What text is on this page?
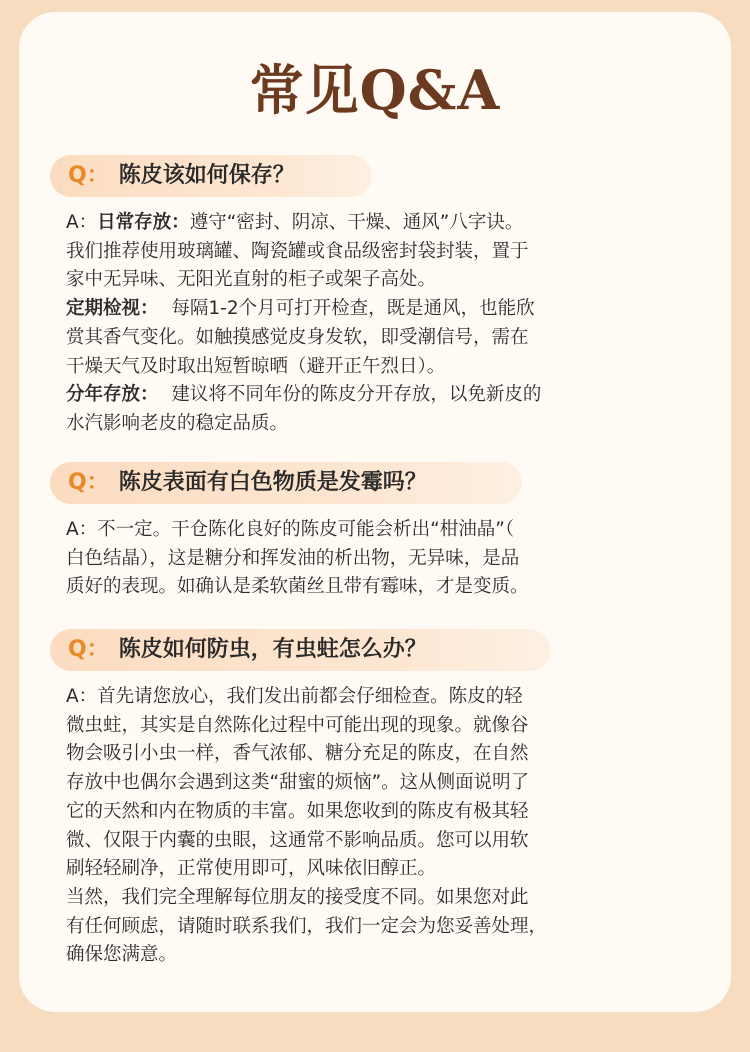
常见Q&A
Q： 陈皮该如何保存？
A：日常存放：遵守“密封、阴凉、干燥、通风”八字诀。
我们推荐使用玻璃罐、陶瓷罐或食品级密封袋封装，置于
家中无异味、无阳光直射的柜子或架子高处。
定期检视：  每隔1-2个月可打开检查，既是通风，也能欣
赏其香气变化。如触摸感觉皮身发软，即受潮信号，需在
干燥天气及时取出短暂晾晒（避开正午烈日）。
分年存放：  建议将不同年份的陈皮分开存放，以免新皮的
水汽影响老皮的稳定品质。
Q： 陈皮表面有白色物质是发霉吗？
A：不一定。干仓陈化良好的陈皮可能会析出“柑油晶”（
白色结晶），这是糖分和挥发油的析出物，无异味，是品
质好的表现。如确认是柔软菌丝且带有霉味，才是变质。
Q： 陈皮如何防虫，有虫蛀怎么办？
A：首先请您放心，我们发出前都会仔细检查。陈皮的轻
微虫蛀，其实是自然陈化过程中可能出现的现象。就像谷
物会吸引小虫一样，香气浓郁、糖分充足的陈皮，在自然
存放中也偶尔会遇到这类“甜蜜的烦恼”。这从侧面说明了
它的天然和内在物质的丰富。如果您收到的陈皮有极其轻
微、仅限于内囊的虫眼，这通常不影响品质。您可以用软
刷轻轻刷净，正常使用即可，风味依旧醇正。
当然，我们完全理解每位朋友的接受度不同。如果您对此
有任何顾虑，请随时联系我们，我们一定会为您妥善处理，
确保您满意。
